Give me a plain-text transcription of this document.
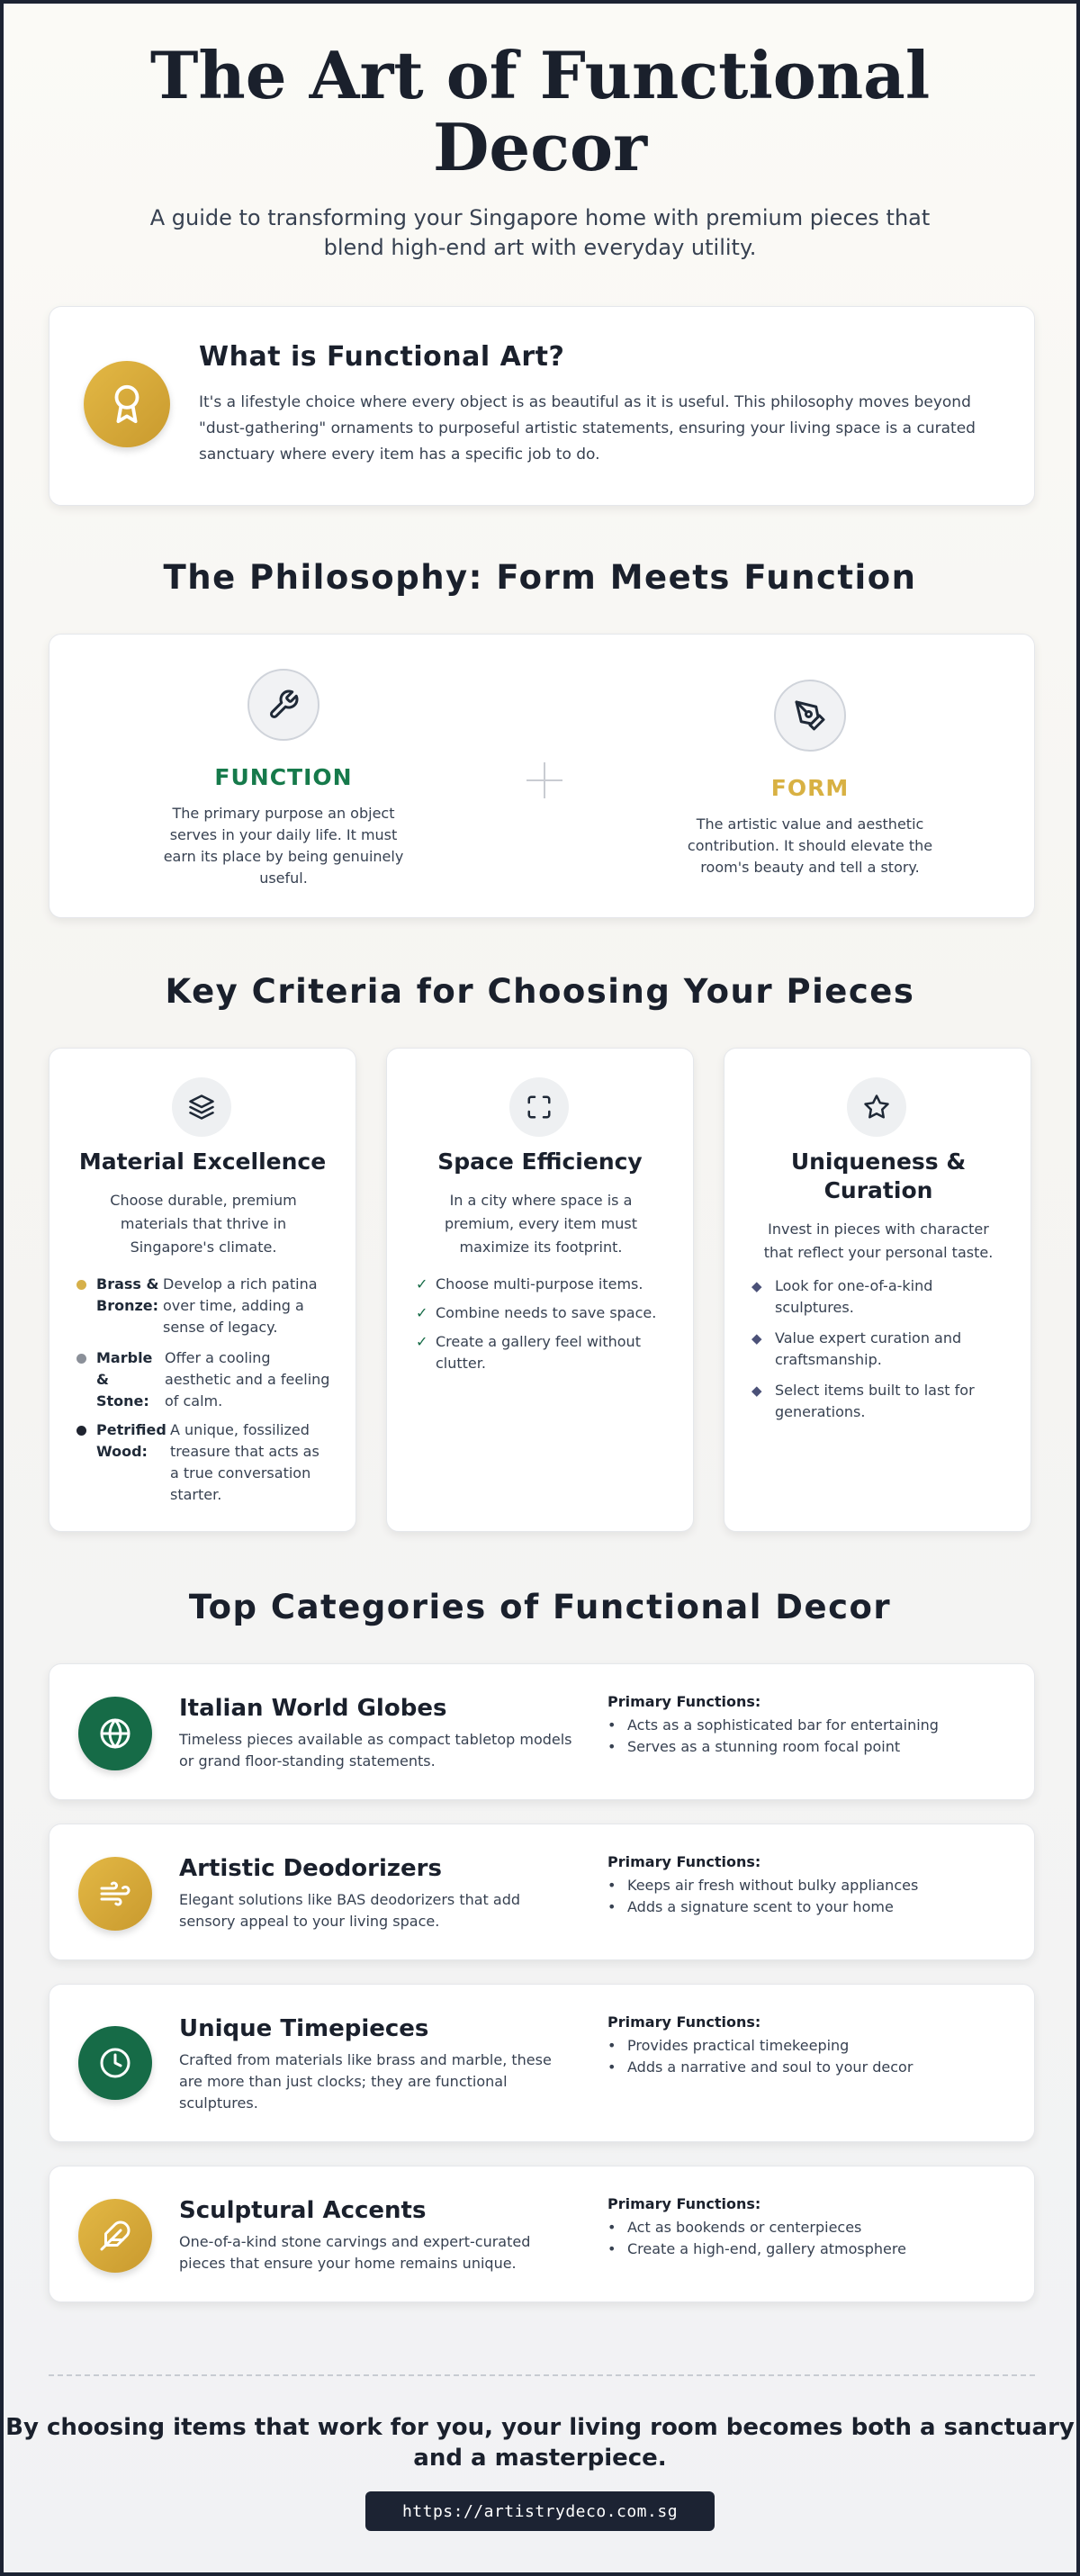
The Art of Functional Decor

A guide to transforming your Singapore home with premium pieces that blend high-end art with everyday utility.

What is Functional Art?

It's a lifestyle choice where every object is as beautiful as it is useful. This philosophy moves beyond "dust-gathering" ornaments to purposeful artistic statements, ensuring your living space is a curated sanctuary where every item has a specific job to do.

The Philosophy: Form Meets Function
FUNCTION

The primary purpose an object serves in your daily life. It must earn its place by being genuinely useful.

FORM

The artistic value and aesthetic contribution. It should elevate the room's beauty and tell a story.

Key Criteria for Choosing Your Pieces
Material Excellence
Choose durable, premium materials that thrive in Singapore's climate.
Brass & Bronze:
Develop a rich patina over time, adding a sense of legacy.
Marble & Stone:
Offer a cooling aesthetic and a feeling of calm.
Petrified Wood:
A unique, fossilized treasure that acts as a true conversation starter.
Space Efficiency
In a city where space is a premium, every item must maximize its footprint.
✓ Choose multi-purpose items.
✓ Combine needs to save space.
✓ Create a gallery feel without clutter.
Uniqueness & Curation
Invest in pieces with character that reflect your personal taste.
◆ Look for one-of-a-kind sculptures.
◆ Value expert curation and craftsmanship.
◆ Select items built to last for generations.
Top Categories of Functional Decor
Italian World Globes
Timeless pieces available as compact tabletop models or grand floor-standing statements.
Primary Functions:
• Acts as a sophisticated bar for entertaining
• Serves as a stunning room focal point
Artistic Deodorizers
Elegant solutions like BAS deodorizers that add sensory appeal to your living space.
Primary Functions:
• Keeps air fresh without bulky appliances
• Adds a signature scent to your home
Unique Timepieces
Crafted from materials like brass and marble, these are more than just clocks; they are functional sculptures.
Primary Functions:
• Provides practical timekeeping
• Adds a narrative and soul to your decor
Sculptural Accents
One-of-a-kind stone carvings and expert-curated pieces that ensure your home remains unique.
Primary Functions:
• Act as bookends or centerpieces
• Create a high-end, gallery atmosphere
By choosing items that work for you, your living room becomes both a sanctuary and a masterpiece.
https://artistrydeco.com.sg
